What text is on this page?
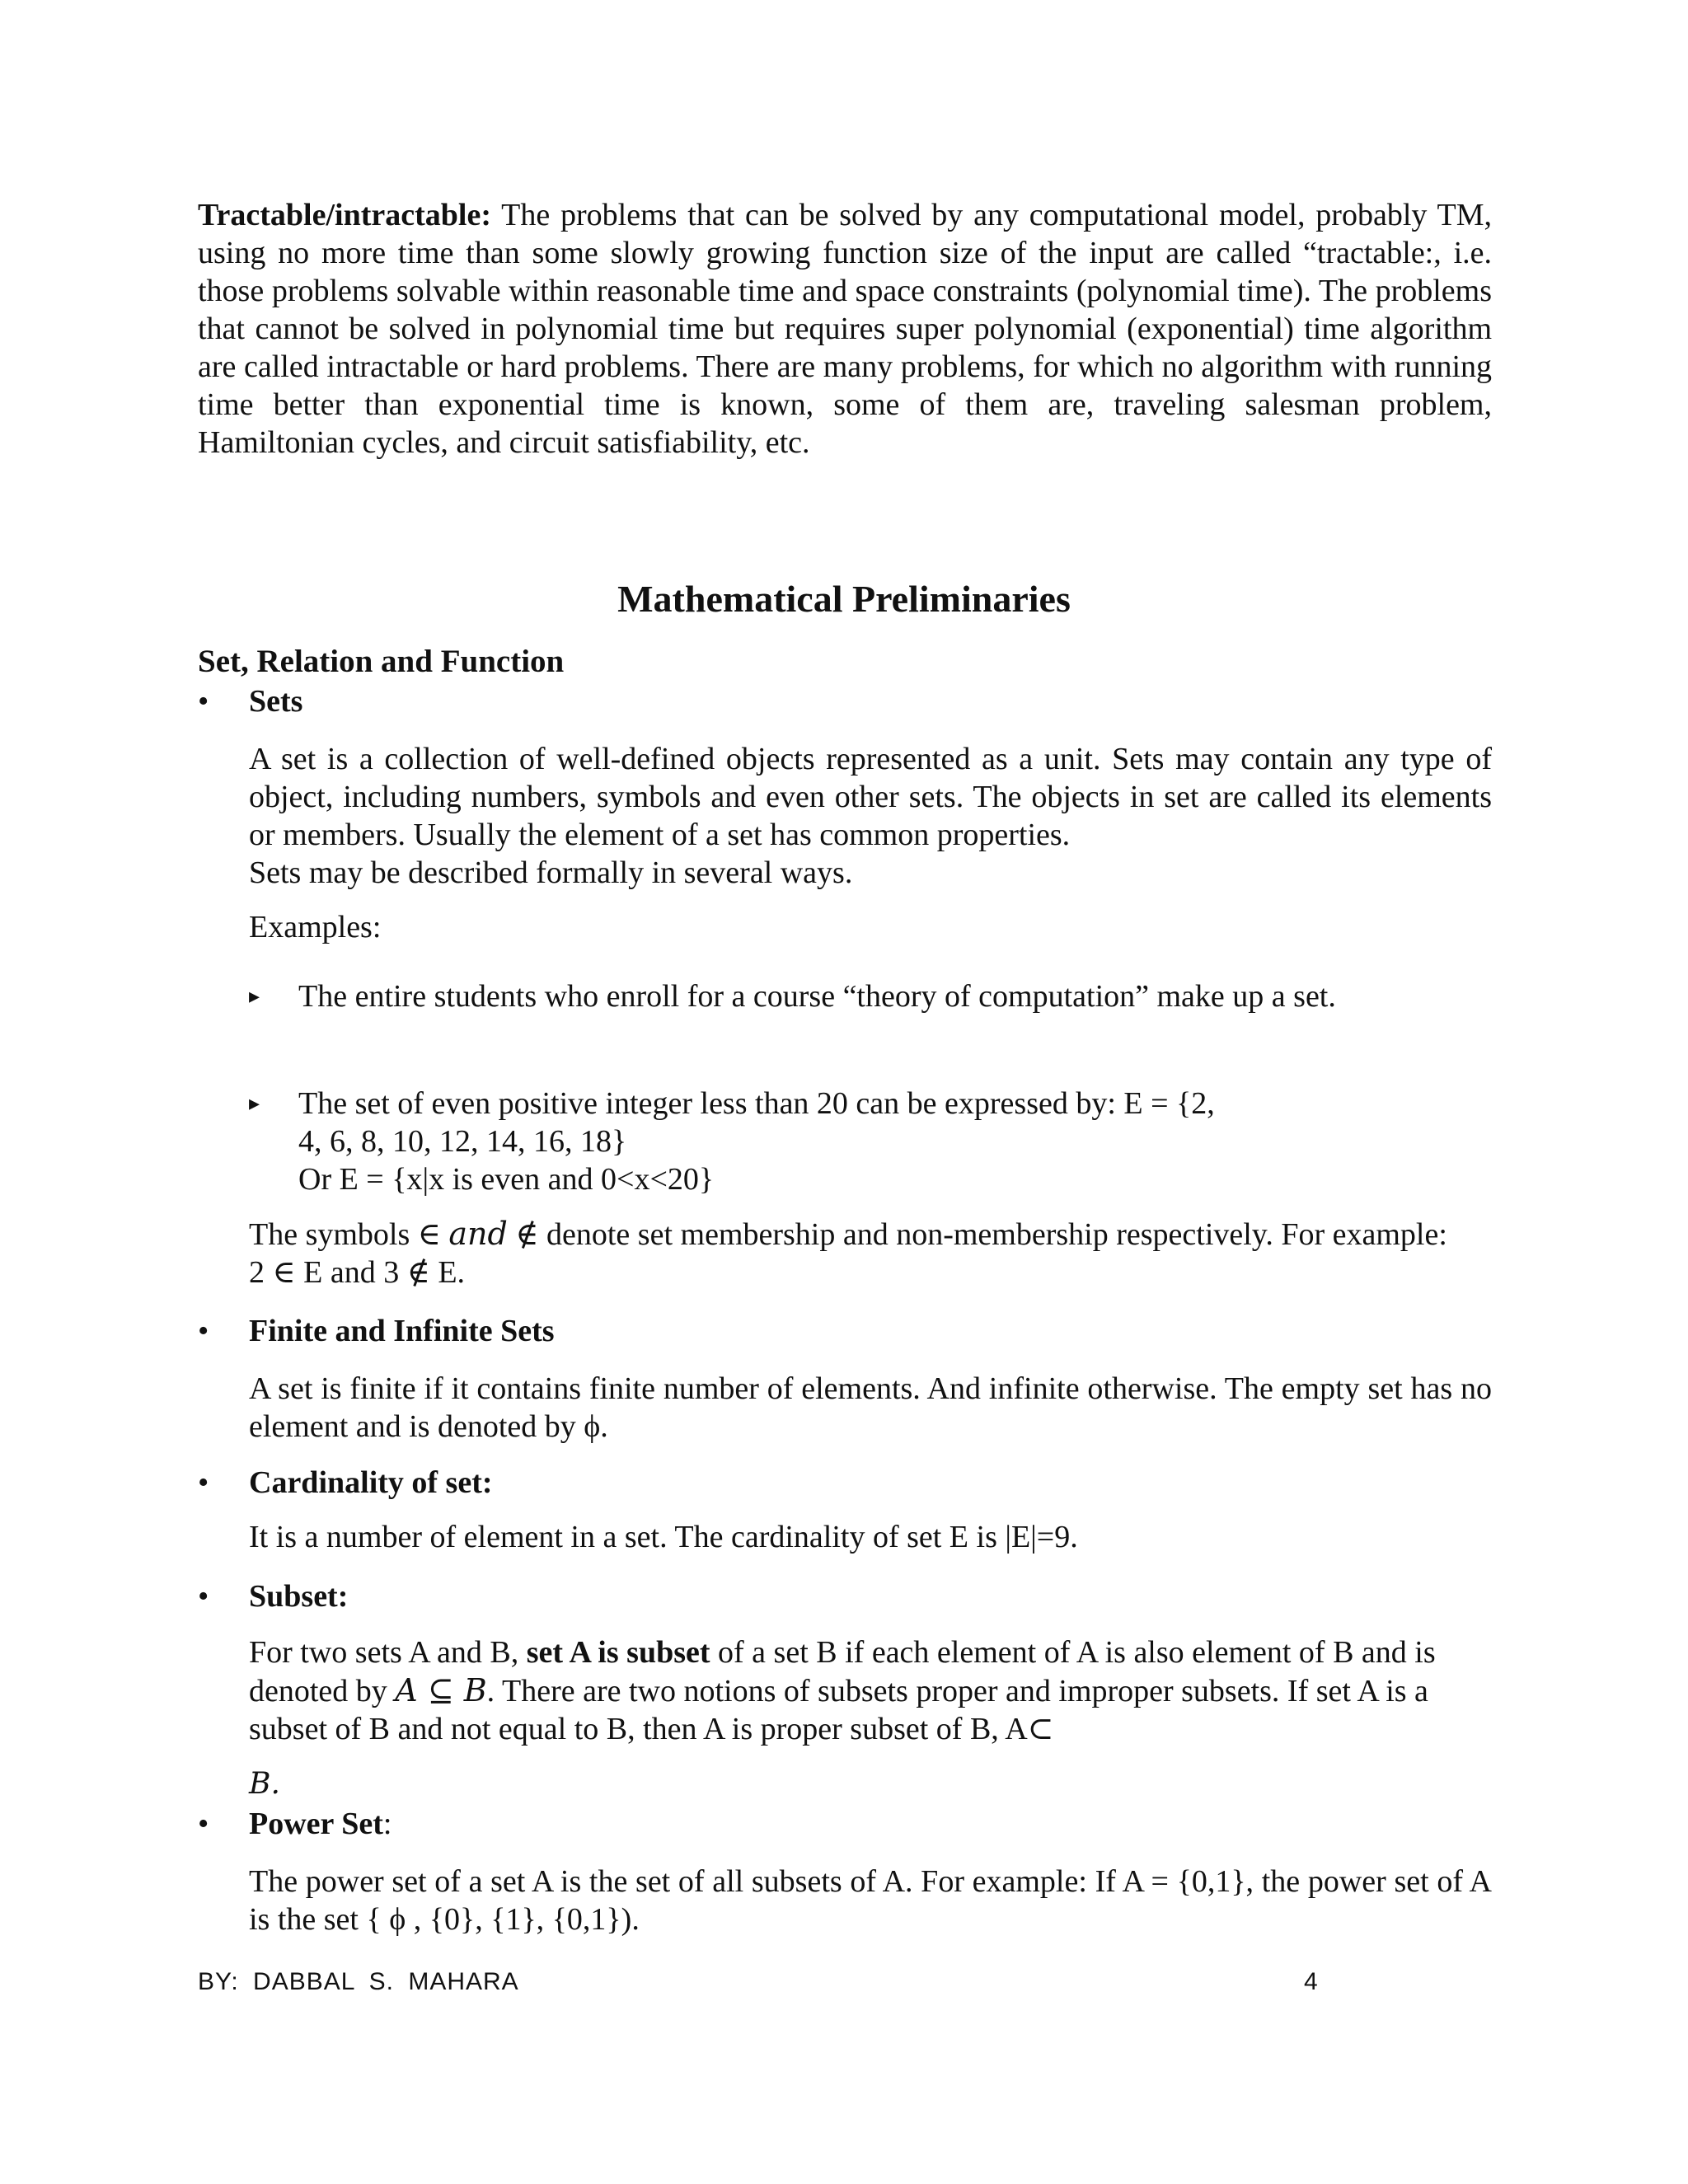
Tractable/intractable: The problems that can be solved by any computational model, probably TM, using no more time than some slowly growing function size of the input are called “tractable:, i.e. those problems solvable within reasonable time and space constraints (polynomial time). The problems that cannot be solved in polynomial time but requires super polynomial (exponential) time algorithm are called intractable or hard problems. There are many problems, for which no algorithm with running time better than exponential time is known, some of them are, traveling salesman problem, Hamiltonian cycles, and circuit satisfiability, etc.

Mathematical Preliminaries
Set, Relation and Function
•	Sets

A set is a collection of well-defined objects represented as a unit. Sets may contain any type of object, including numbers, symbols and even other sets. The objects in set are called its elements or members. Usually the element of a set has common properties.

Sets may be described formally in several ways.

Examples:

▸ The entire students who enroll for a course “theory of computation” make up a set.
▸ The set of even positive integer less than 20 can be expressed by: E = {2,
4, 6, 8, 10, 12, 14, 16, 18}
Or E = {x|x is even and 0<x<20}

The symbols ∈ and ∉ denote set membership and non-membership respectively. For example:
2 ∈ E and 3 ∉ E.

•	Finite and Infinite Sets

A set is finite if it contains finite number of elements. And infinite otherwise. The empty set has no element and is denoted by ϕ.

•	Cardinality of set:

It is a number of element in a set. The cardinality of set E is |E|=9.

•	Subset:

For two sets A and B, set A is subset of a set B if each element of A is also element of B and is denoted by A ⊆ B. There are two notions of subsets proper and improper subsets. If set A is a subset of B and not equal to B, then A is proper subset of B, A⊂

B.

•	Power Set:

The power set of a set A is the set of all subsets of A. For example: If A = {0,1}, the power set of A is the set { ϕ , {0}, {1}, {0,1}).

BY: DABBAL S. MAHARA	4
